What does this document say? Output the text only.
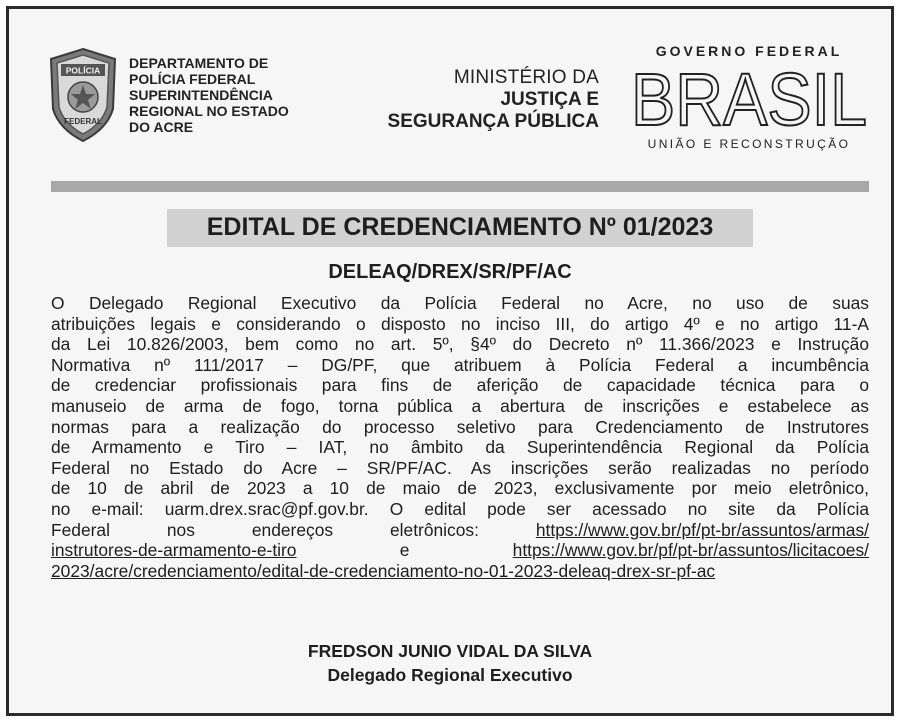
POLÍCIA
FEDERAL
DEPARTAMENTO DE
POLÍCIA FEDERAL
SUPERINTENDÊNCIA
REGIONAL NO ESTADO
DO ACRE
MINISTÉRIO DA
JUSTIÇA E
SEGURANÇA PÚBLICA
GOVERNO FEDERAL
BRASIL
UNIÃO E RECONSTRUÇÃO
EDITAL DE CREDENCIAMENTO Nº 01/2023
DELEAQ/DREX/SR/PF/AC
O Delegado Regional Executivo da Polícia Federal no Acre, no uso de suas
atribuições legais e considerando o disposto no inciso III, do artigo 4º e no artigo 11-A
da Lei 10.826/2003, bem como no art. 5º, §4º do Decreto nº 11.366/2023 e Instrução
Normativa nº 111/2017 – DG/PF, que atribuem à Polícia Federal a incumbência
de credenciar profissionais para fins de aferição de capacidade técnica para o
manuseio de arma de fogo, torna pública a abertura de inscrições e estabelece as
normas para a realização do processo seletivo para Credenciamento de Instrutores
de Armamento e Tiro – IAT, no âmbito da Superintendência Regional da Polícia
Federal no Estado do Acre – SR/PF/AC. As inscrições serão realizadas no período
de 10 de abril de 2023 a 10 de maio de 2023, exclusivamente por meio eletrônico,
no e-mail: uarm.drex.srac@pf.gov.br. O edital pode ser acessado no site da Polícia
Federal nos endereços eletrônicos: https://www.gov.br/pf/pt-br/assuntos/armas/
instrutores-de-armamento-e-tiro e https://www.gov.br/pf/pt-br/assuntos/licitacoes/
2023/acre/credenciamento/edital-de-credenciamento-no-01-2023-deleaq-drex-sr-pf-ac
FREDSON JUNIO VIDAL DA SILVA
Delegado Regional Executivo
